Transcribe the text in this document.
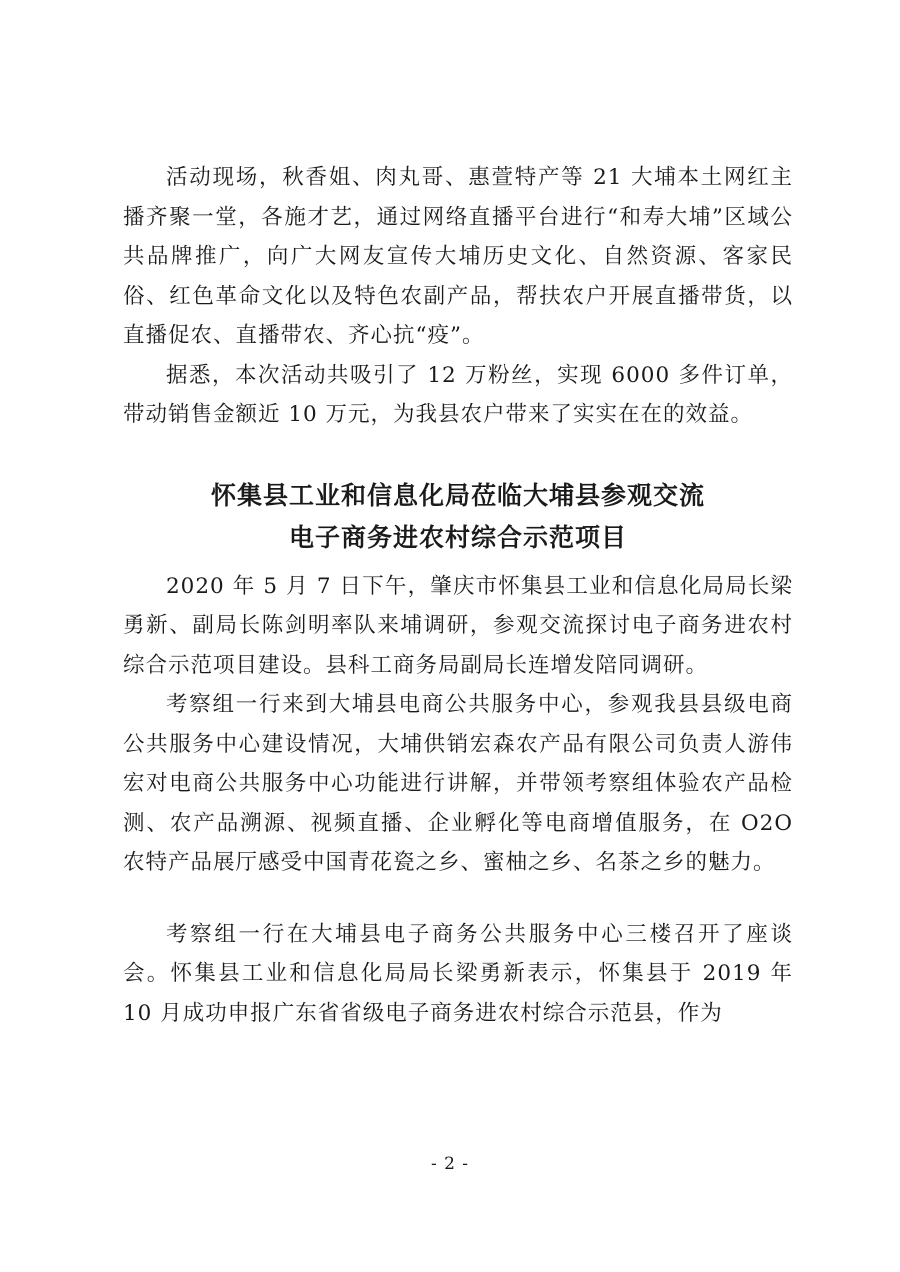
活动现场，秋香姐、肉丸哥、惠萱特产等 21 大埔本土网红主播齐聚一堂，各施才艺，通过网络直播平台进行“和寿大埔”区域公共品牌推广，向广大网友宣传大埔历史文化、自然资源、客家民俗、红色革命文化以及特色农副产品，帮扶农户开展直播带货，以直播促农、直播带农、齐心抗“疫”。

据悉，本次活动共吸引了 12 万粉丝，实现 6000 多件订单，带动销售金额近 10 万元，为我县农户带来了实实在在的效益。

怀集县工业和信息化局莅临大埔县参观交流
电子商务进农村综合示范项目

2020 年 5 月 7 日下午，肇庆市怀集县工业和信息化局局长梁勇新、副局长陈剑明率队来埔调研，参观交流探讨电子商务进农村综合示范项目建设。县科工商务局副局长连增发陪同调研。

考察组一行来到大埔县电商公共服务中心，参观我县县级电商公共服务中心建设情况，大埔供销宏森农产品有限公司负责人游伟宏对电商公共服务中心功能进行讲解，并带领考察组体验农产品检测、农产品溯源、视频直播、企业孵化等电商增值服务，在 O2O 农特产品展厅感受中国青花瓷之乡、蜜柚之乡、名茶之乡的魅力。

考察组一行在大埔县电子商务公共服务中心三楼召开了座谈会。怀集县工业和信息化局局长梁勇新表示，怀集县于 2019 年 10 月成功申报广东省省级电子商务进农村综合示范县，作为

- 2 -
